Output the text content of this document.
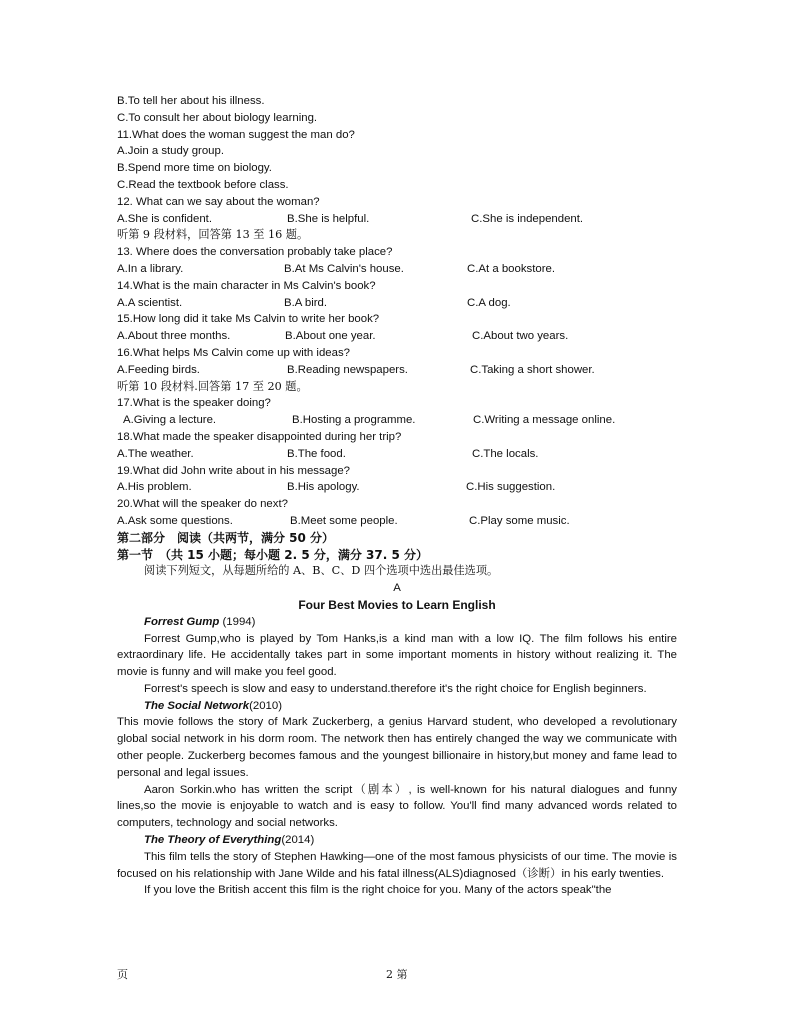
B.To tell her about his illness.
C.To consult her about biology learning.
11.What does the woman suggest the man do?
A.Join a study group.
B.Spend more time on biology.
C.Read the textbook before class.
12. What can we say about the woman?
A.She is confident.	B.She is helpful.	C.She is independent.
听第 9 段材料，回答第 13 至 16 题。
13. Where does the conversation probably take place?
A.In a library.	B.At Ms Calvin's house.	C.At a bookstore.
14.What is the main character in Ms Calvin's book?
A.A scientist.	B.A bird.	C.A dog.
15.How long did it take Ms Calvin to write her book?
A.About three months.	B.About one year.	C.About two years.
16.What helps Ms Calvin come up with ideas?
A.Feeding birds.	B.Reading newspapers.	C.Taking a short shower.
听第 10 段材料.回答第 17 至 20 题。
17.What is the speaker doing?
A.Giving a lecture.	B.Hosting a programme.	C.Writing a message online.
18.What made the speaker disappointed during her trip?
A.The weather.	B.The food.	C.The locals.
19.What did John write about in his message?
A.His problem.	B.His apology.	C.His suggestion.
20.What will the speaker do next?
A.Ask some questions.	B.Meet some people.	C.Play some music.
第二部分　阅读（共两节，满分 50 分）
第一节　（共 15 小题；每小题 2. 5 分，满分 37. 5 分）
阅读下列短文，从每题所给的 A、B、C、D 四个选项中选出最佳选项。
A
Four Best Movies to Learn English
Forrest Gump (1994)

Forrest Gump,who is played by Tom Hanks,is a kind man with a low IQ. The film follows his entire extraordinary life. He accidentally takes part in some important moments in history without realizing it. The movie is funny and will make you feel good.

Forrest's speech is slow and easy to understand.therefore it's the right choice for English beginners.

The Social Network(2010)

This movie follows the story of Mark Zuckerberg, a genius Harvard student, who developed a revolutionary global social network in his dorm room. The network then has entirely changed the way we communicate with other people. Zuckerberg becomes famous and the youngest billionaire in history,but money and fame lead to personal and legal issues.

Aaron Sorkin.who has written the script（剧本）, is well-known for his natural dialogues and funny lines,so the movie is enjoyable to watch and is easy to follow. You'll find many advanced words related to computers, technology and social networks.

The Theory of Everything(2014)

This film tells the story of Stephen Hawking—one of the most famous physicists of our time. The movie is focused on his relationship with Jane Wilde and his fatal illness(ALS)diagnosed（诊断）in his early twenties.

If you love the British accent this film is the right choice for you. Many of the actors speak"the

页	2 第
